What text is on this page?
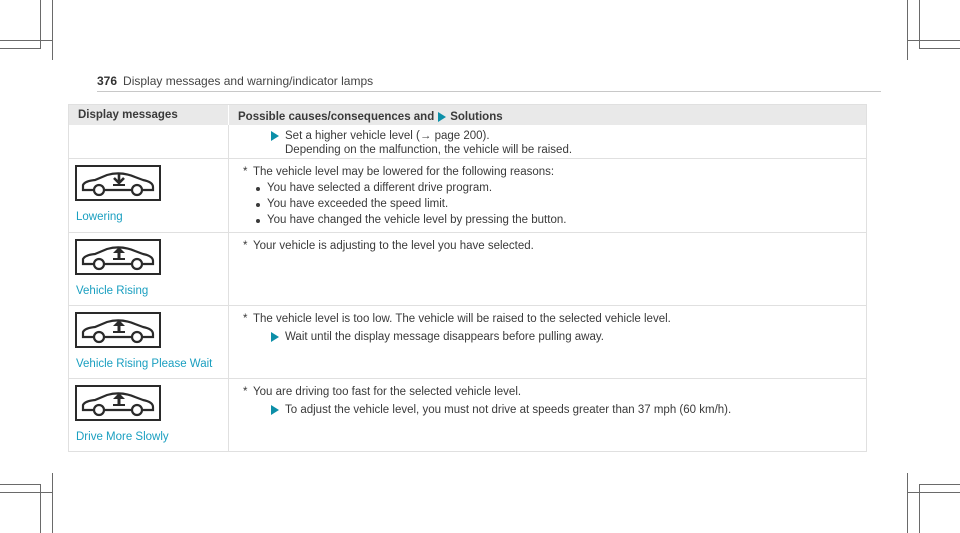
376 Display messages and warning/indicator lamps
Display messages	Possible causes/consequences and Solutions
Set a higher vehicle level (→ page 200).
Depending on the malfunction, the vehicle will be raised.
Lowering
* The vehicle level may be lowered for the following reasons:
You have selected a different drive program.
You have exceeded the speed limit.
You have changed the vehicle level by pressing the button.
Vehicle Rising
* Your vehicle is adjusting to the level you have selected.
Vehicle Rising Please Wait
* The vehicle level is too low. The vehicle will be raised to the selected vehicle level.
Wait until the display message disappears before pulling away.
Drive More Slowly
* You are driving too fast for the selected vehicle level.
To adjust the vehicle level, you must not drive at speeds greater than 37 mph (60 km/h).
